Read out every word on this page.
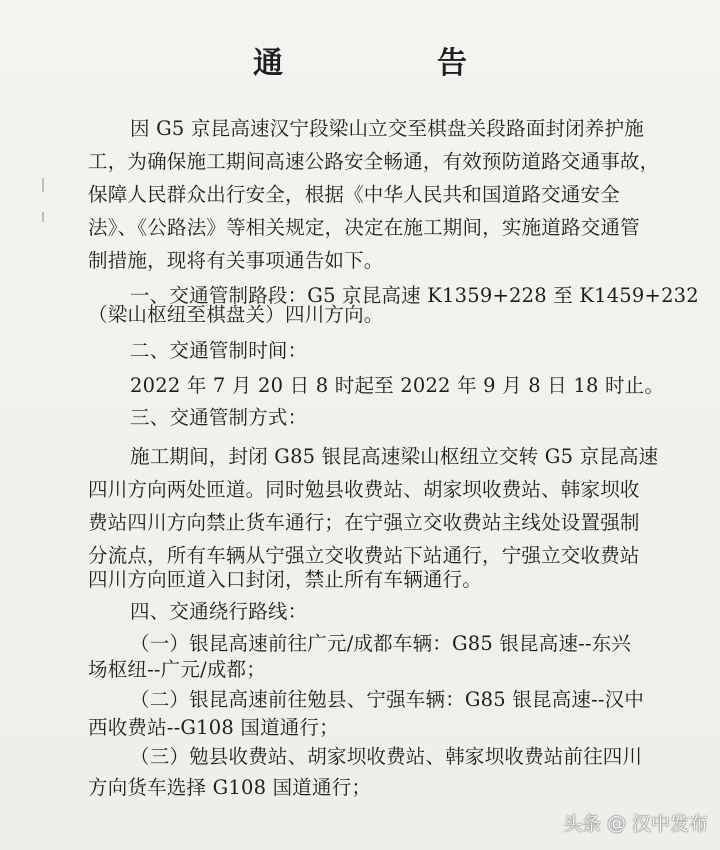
通　告
因 G5 京昆高速汉宁段梁山立交至棋盘关段路面封闭养护施
工，为确保施工期间高速公路安全畅通，有效预防道路交通事故，
保障人民群众出行安全，根据《中华人民共和国道路交通安全
法》、《公路法》等相关规定，决定在施工期间，实施道路交通管
制措施，现将有关事项通告如下。
一、交通管制路段：G5 京昆高速 K1359+228 至 K1459+232
（梁山枢纽至棋盘关）四川方向。
二、交通管制时间：
2022 年 7 月 20 日 8 时起至 2022 年 9 月 8 日 18 时止。
三、交通管制方式：
施工期间，封闭 G85 银昆高速梁山枢纽立交转 G5 京昆高速
四川方向两处匝道。同时勉县收费站、胡家坝收费站、韩家坝收
费站四川方向禁止货车通行；在宁强立交收费站主线处设置强制
分流点，所有车辆从宁强立交收费站下站通行，宁强立交收费站
四川方向匝道入口封闭，禁止所有车辆通行。
四、交通绕行路线：
（一）银昆高速前往广元/成都车辆：G85 银昆高速--东兴
场枢纽--广元/成都；
（二）银昆高速前往勉县、宁强车辆：G85 银昆高速--汉中
西收费站--G108 国道通行；
（三）勉县收费站、胡家坝收费站、韩家坝收费站前往四川
方向货车选择 G108 国道通行；
头条 @ 汉中发布
